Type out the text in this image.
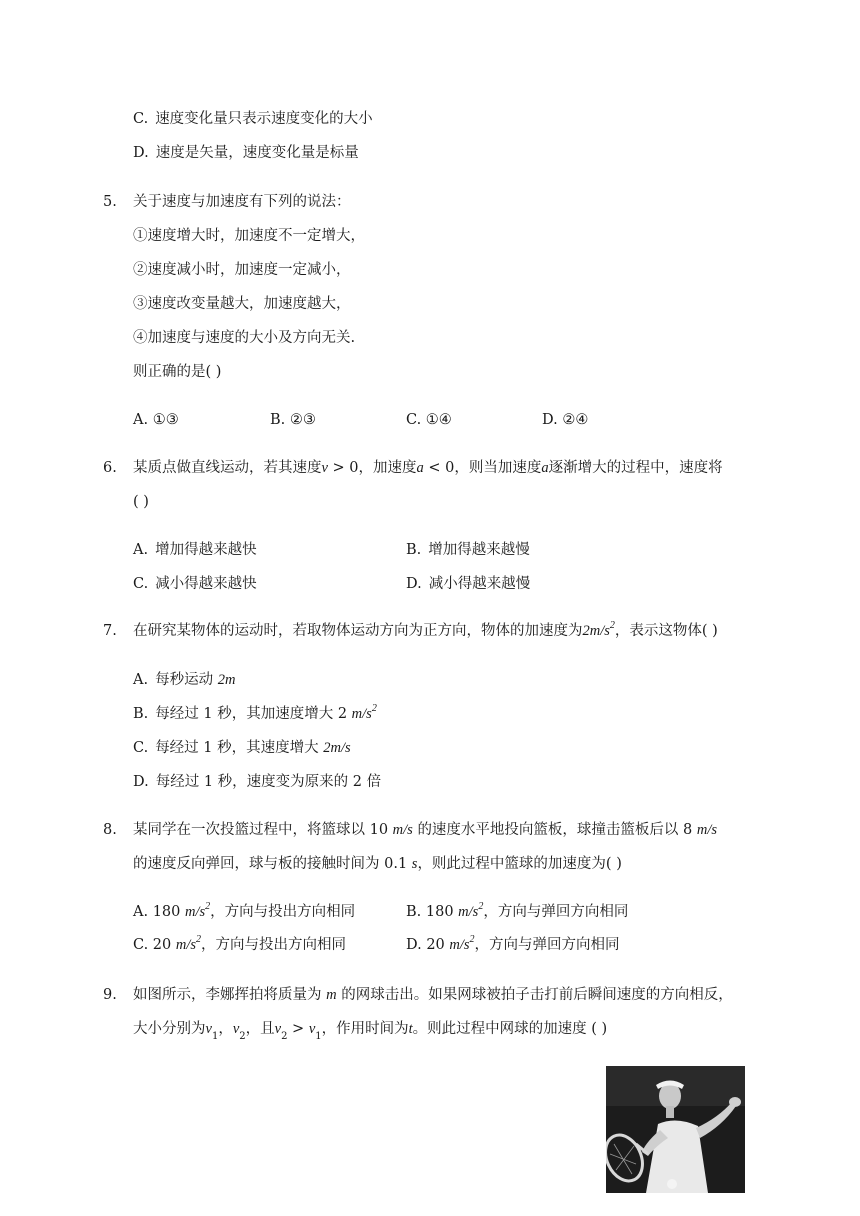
C. 速度变化量只表示速度变化的大小
D. 速度是矢量，速度变化量是标量
5. 关于速度与加速度有下列的说法：
①速度增大时，加速度不一定增大，
②速度减小时，加速度一定减小，
③速度改变量越大，加速度越大，
④加速度与速度的大小及方向无关.
则正确的是( )
A. ①③	B. ②③	C. ①④	D. ②④
6. 某质点做直线运动，若其速度v > 0，加速度a < 0，则当加速度a逐渐增大的过程中，速度将
( )
A. 增加得越来越快	B. 增加得越来越慢
C. 减小得越来越快	D. 减小得越来越慢
7. 在研究某物体的运动时，若取物体运动方向为正方向，物体的加速度为$2m/s^2$，表示这物体( )
A. 每秒运动 2m
B. 每经过 1 秒，其加速度增大 2 $m/s^2$
C. 每经过 1 秒，其速度增大 2m/s
D. 每经过 1 秒，速度变为原来的 2 倍
8. 某同学在一次投篮过程中，将篮球以 10 m/s 的速度水平地投向篮板，球撞击篮板后以 8 m/s
的速度反向弹回，球与板的接触时间为 0.1 s，则此过程中篮球的加速度为( )
A. 180 $m/s^2$，方向与投出方向相同	B. 180 $m/s^2$，方向与弹回方向相同
C. 20 $m/s^2$，方向与投出方向相同	D. 20 $m/s^2$，方向与弹回方向相同
9. 如图所示，李娜挥拍将质量为 m 的网球击出。如果网球被拍子击打前后瞬间速度的方向相反，
大小分别为$v_1$，$v_2$，且$v_2 > v_1$，作用时间为t。则此过程中网球的加速度 ( )
